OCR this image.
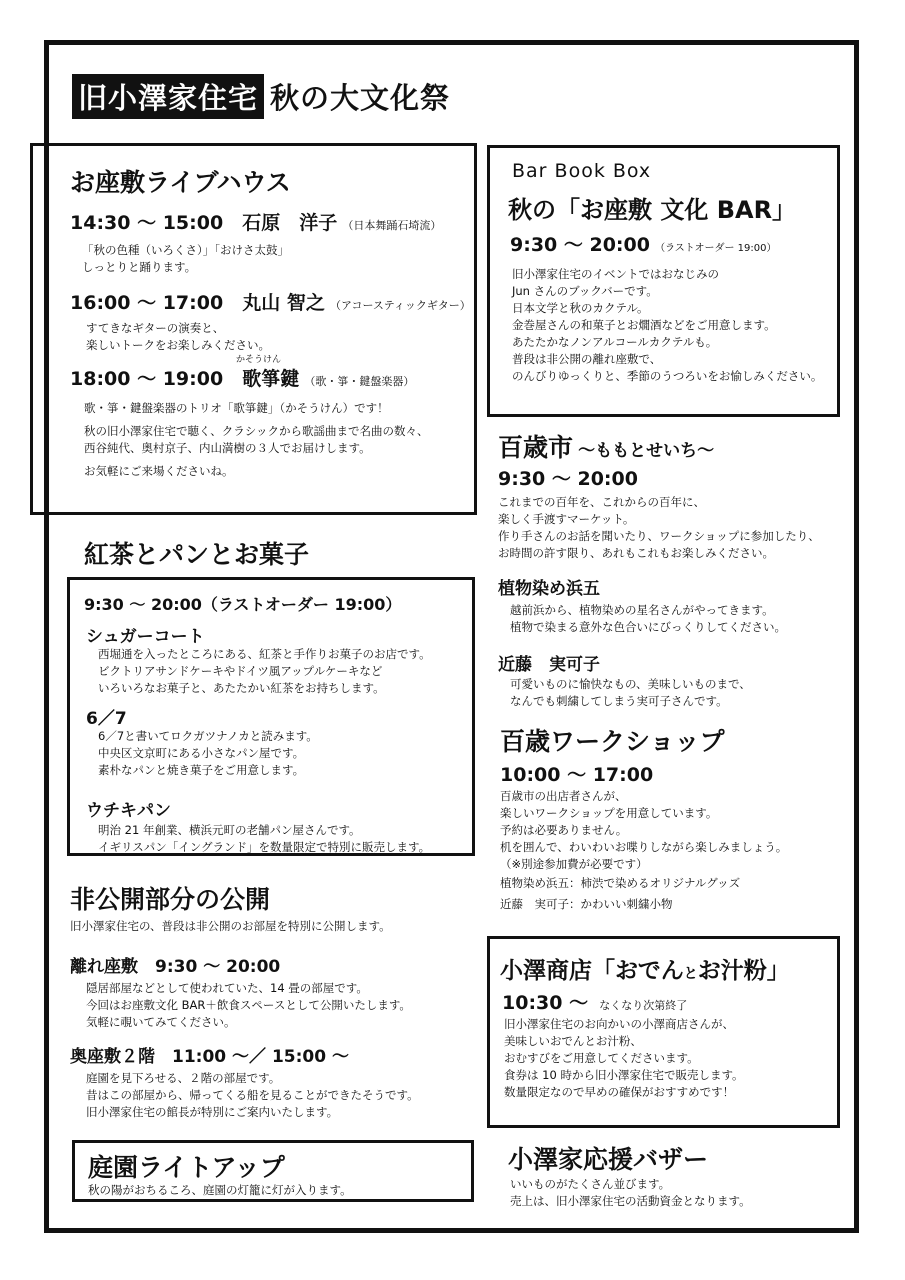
旧小澤家住宅 秋の大文化祭
お座敷ライブハウス
14:30 ～ 15:00 石原　洋子 （日本舞踊石埼流）
「秋の色種（いろくさ）」「おけさ太鼓」
しっとりと踊ります。
16:00 ～ 17:00 丸山 智之 （アコースティックギター）
すてきなギターの演奏と、
楽しいトークをお楽しみください。
かそうけん
18:00 ～ 19:00 歌箏鍵 （歌・箏・鍵盤楽器）
歌・箏・鍵盤楽器のトリオ「歌箏鍵」（かそうけん）です！
秋の旧小澤家住宅で聴く、クラシックから歌謡曲まで名曲の数々、
西谷純代、奥村京子、内山満樹の３人でお届けします。
お気軽にご来場くださいね。
Bar Book Box
秋の「お座敷 文化 BAR」
9:30 ～ 20:00 （ラストオーダー 19:00）
旧小澤家住宅のイベントではおなじみの
Jun さんのブックバーです。
日本文学と秋のカクテル。
金巻屋さんの和菓子とお燗酒などをご用意します。
あたたかなノンアルコールカクテルも。
普段は非公開の離れ座敷で、
のんびりゆっくりと、季節のうつろいをお愉しみください。
百歳市 ～ももとせいち～
9:30 ～ 20:00
これまでの百年を、これからの百年に、
楽しく手渡すマーケット。
作り手さんのお話を聞いたり、ワークショップに参加したり、
お時間の許す限り、あれもこれもお楽しみください。
植物染め浜五
越前浜から、植物染めの星名さんがやってきます。
植物で染まる意外な色合いにびっくりしてください。
近藤　実可子
可愛いものに愉快なもの、美味しいものまで、
なんでも刺繍してしまう実可子さんです。
百歳ワークショップ
10:00 ～ 17:00
百歳市の出店者さんが、
楽しいワークショップを用意しています。
予約は必要ありません。
机を囲んで、わいわいお喋りしながら楽しみましょう。
（※別途参加費が必要です）
植物染め浜五：柿渋で染めるオリジナルグッズ
近藤　実可子：かわいい刺繍小物
紅茶とパンとお菓子
9:30 ～ 20:00（ラストオーダー 19:00）
シュガーコート
西堀通を入ったところにある、紅茶と手作りお菓子のお店です。
ビクトリアサンドケーキやドイツ風アップルケーキなど
いろいろなお菓子と、あたたかい紅茶をお持ちします。
6／7
6／7と書いてロクガツナノカと読みます。
中央区文京町にある小さなパン屋です。
素朴なパンと焼き菓子をご用意します。
ウチキパン
明治 21 年創業、横浜元町の老舗パン屋さんです。
イギリスパン「イングランド」を数量限定で特別に販売します。
非公開部分の公開
旧小澤家住宅の、普段は非公開のお部屋を特別に公開します。
離れ座敷　9:30 ～ 20:00
隠居部屋などとして使われていた、14 畳の部屋です。
今回はお座敷文化 BAR＋飲食スペースとして公開いたします。
気軽に覗いてみてください。
奥座敷２階　11:00 ～／ 15:00 ～
庭園を見下ろせる、２階の部屋です。
昔はこの部屋から、帰ってくる船を見ることができたそうです。
旧小澤家住宅の館長が特別にご案内いたします。
庭園ライトアップ
秋の陽がおちるころ、庭園の灯籠に灯が入ります。
小澤商店「おでんとお汁粉」
10:30 ～ なくなり次第終了
旧小澤家住宅のお向かいの小澤商店さんが、
美味しいおでんとお汁粉、
おむすびをご用意してくださいます。
食券は 10 時から旧小澤家住宅で販売します。
数量限定なので早めの確保がおすすめです！
小澤家応援バザー
いいものがたくさん並びます。
売上は、旧小澤家住宅の活動資金となります。
